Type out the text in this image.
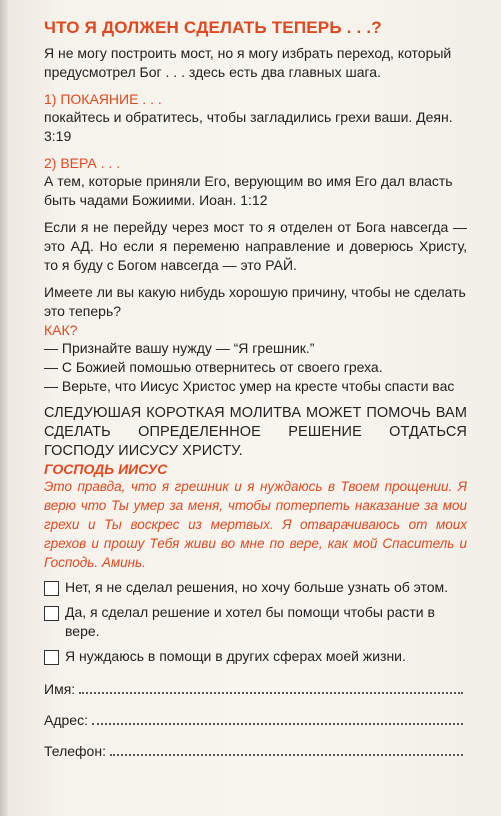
ЧТО Я ДОЛЖЕН СДЕЛАТЬ ТЕПЕРЬ . . .?

Я не могу построить мост, но я могу избрать переход, который предусмотрел Бог . . . здесь есть два главных шага.

1) ПОКАЯНИЕ . . .

покайтесь и обратитесь, чтобы загладились грехи ваши. Деян. 3:19

2) ВЕРА . . .

А тем, которые приняли Его, верующим во имя Его дал власть быть чадами Божиими. Иоан. 1:12

Если я не перейду через мост то я отделен от Бога навсегда — это АД. Но если я переменю направление и доверюсь Христу, то я буду с Богом навсегда — это РАЙ.

Имеете ли вы какую нибудь хорошую причину, чтобы не сделать это теперь?

КАК?

— Признайте вашу нужду — “Я грешник.”

— С Божией помошью отвернитесь от своего греха.

— Верьте, что Иисус Христос умер на кресте чтобы спасти вас

СЛЕДУЮШАЯ КОРОТКАЯ МОЛИТВА МОЖЕТ ПОМОЧЬ ВАМ СДЕЛАТЬ ОПРЕДЕЛЕННОЕ РЕШЕНИЕ ОТДАТЬСЯ ГОСПОДУ ИИСУСУ ХРИСТУ.

ГОСПОДЬ ИИСУС

Это правда, что я грешник и я нуждаюсь в Твоем прощении. Я верю что Ты умер за меня, чтобы потерпеть наказание за мои грехи и Ты воскрес из мертвых. Я отварачиваюсь от моих грехов и прошу Тебя живи во мне по вере, как мой Спаситель и Господь. Аминь.

Нет, я не сделал решения, но хочу больше узнать об этом.
Да, я сделал решение и хотел бы помощи чтобы расти в вере.
Я нуждаюсь в помощи в других сферах моей жизни.
Имя:
Адрес:
Телефон:
